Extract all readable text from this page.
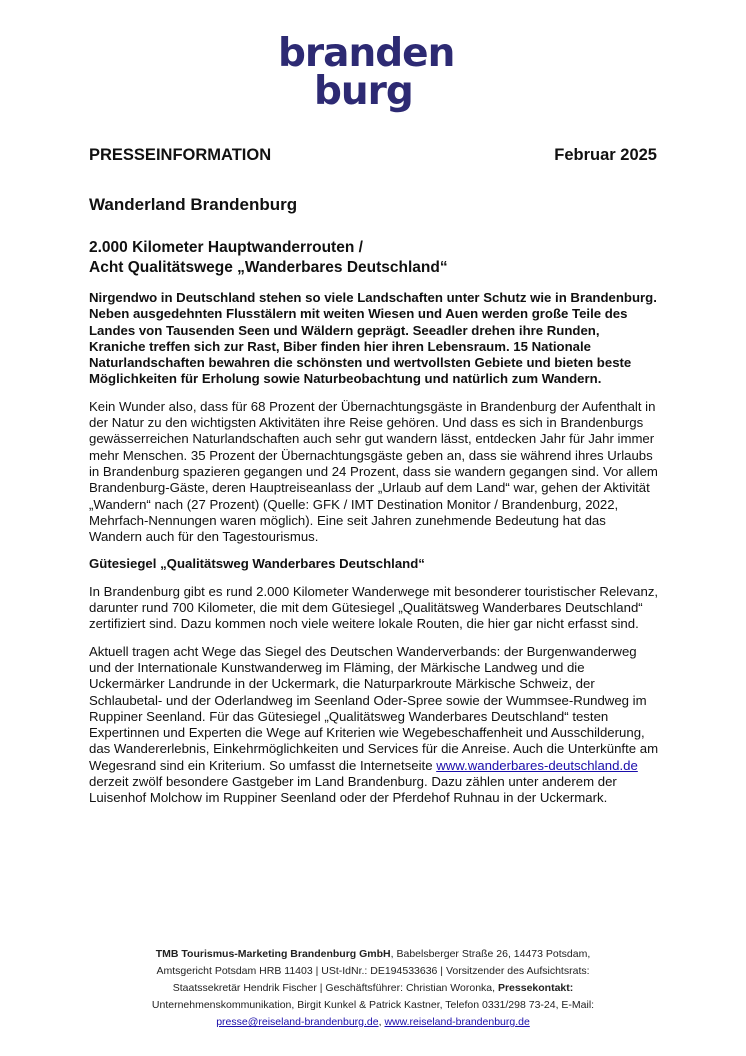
branden
burg
PRESSEINFORMATION	Februar 2025
Wanderland Brandenburg
2.000 Kilometer Hauptwanderrouten /
Acht Qualitätswege „Wanderbares Deutschland“

Nirgendwo in Deutschland stehen so viele Landschaften unter Schutz wie in Brandenburg. Neben ausgedehnten Flusstälern mit weiten Wiesen und Auen werden große Teile des Landes von Tausenden Seen und Wäldern geprägt. Seeadler drehen ihre Runden, Kraniche treffen sich zur Rast, Biber finden hier ihren Lebensraum. 15 Nationale Naturlandschaften bewahren die schönsten und wertvollsten Gebiete und bieten beste Möglichkeiten für Erholung sowie Naturbeobachtung und natürlich zum Wandern.

Kein Wunder also, dass für 68 Prozent der Übernachtungsgäste in Brandenburg der Aufenthalt in der Natur zu den wichtigsten Aktivitäten ihre Reise gehören. Und dass es sich in Brandenburgs gewässerreichen Naturlandschaften auch sehr gut wandern lässt, entdecken Jahr für Jahr immer mehr Menschen. 35 Prozent der Übernachtungsgäste geben an, dass sie während ihres Urlaubs in Brandenburg spazieren gegangen und 24 Prozent, dass sie wandern gegangen sind. Vor allem Brandenburg-Gäste, deren Hauptreiseanlass der „Urlaub auf dem Land“ war, gehen der Aktivität „Wandern“ nach (27 Prozent) (Quelle: GFK / IMT Destination Monitor / Brandenburg, 2022, Mehrfach-Nennungen waren möglich). Eine seit Jahren zunehmende Bedeutung hat das Wandern auch für den Tagestourismus.

Gütesiegel „Qualitätsweg Wanderbares Deutschland“

In Brandenburg gibt es rund 2.000 Kilometer Wanderwege mit besonderer touristischer Relevanz, darunter rund 700 Kilometer, die mit dem Gütesiegel „Qualitätsweg Wanderbares Deutschland“ zertifiziert sind. Dazu kommen noch viele weitere lokale Routen, die hier gar nicht erfasst sind.

Aktuell tragen acht Wege das Siegel des Deutschen Wanderverbands: der Burgenwanderweg und der Internationale Kunstwanderweg im Fläming, der Märkische Landweg und die Uckermärker Landrunde in der Uckermark, die Naturparkroute Märkische Schweiz, der Schlaubetal- und der Oderlandweg im Seenland Oder-Spree sowie der Wummsee-Rundweg im Ruppiner Seenland. Für das Gütesiegel „Qualitätsweg Wanderbares Deutschland“ testen Expertinnen und Experten die Wege auf Kriterien wie Wegebeschaffenheit und Ausschilderung, das Wandererlebnis, Einkehrmöglichkeiten und Services für die Anreise. Auch die Unterkünfte am Wegesrand sind ein Kriterium. So umfasst die Internetseite www.wanderbares-deutschland.de derzeit zwölf besondere Gastgeber im Land Brandenburg. Dazu zählen unter anderem der Luisenhof Molchow im Ruppiner Seenland oder der Pferdehof Ruhnau in der Uckermark.

TMB Tourismus-Marketing Brandenburg GmbH, Babelsberger Straße 26, 14473 Potsdam,
Amtsgericht Potsdam HRB 11403 | USt-IdNr.: DE194533636 | Vorsitzender des Aufsichtsrats:
Staatssekretär Hendrik Fischer | Geschäftsführer: Christian Woronka, Pressekontakt:
Unternehmenskommunikation, Birgit Kunkel & Patrick Kastner, Telefon 0331/298 73-24, E-Mail:
presse@reiseland-brandenburg.de, www.reiseland-brandenburg.de
